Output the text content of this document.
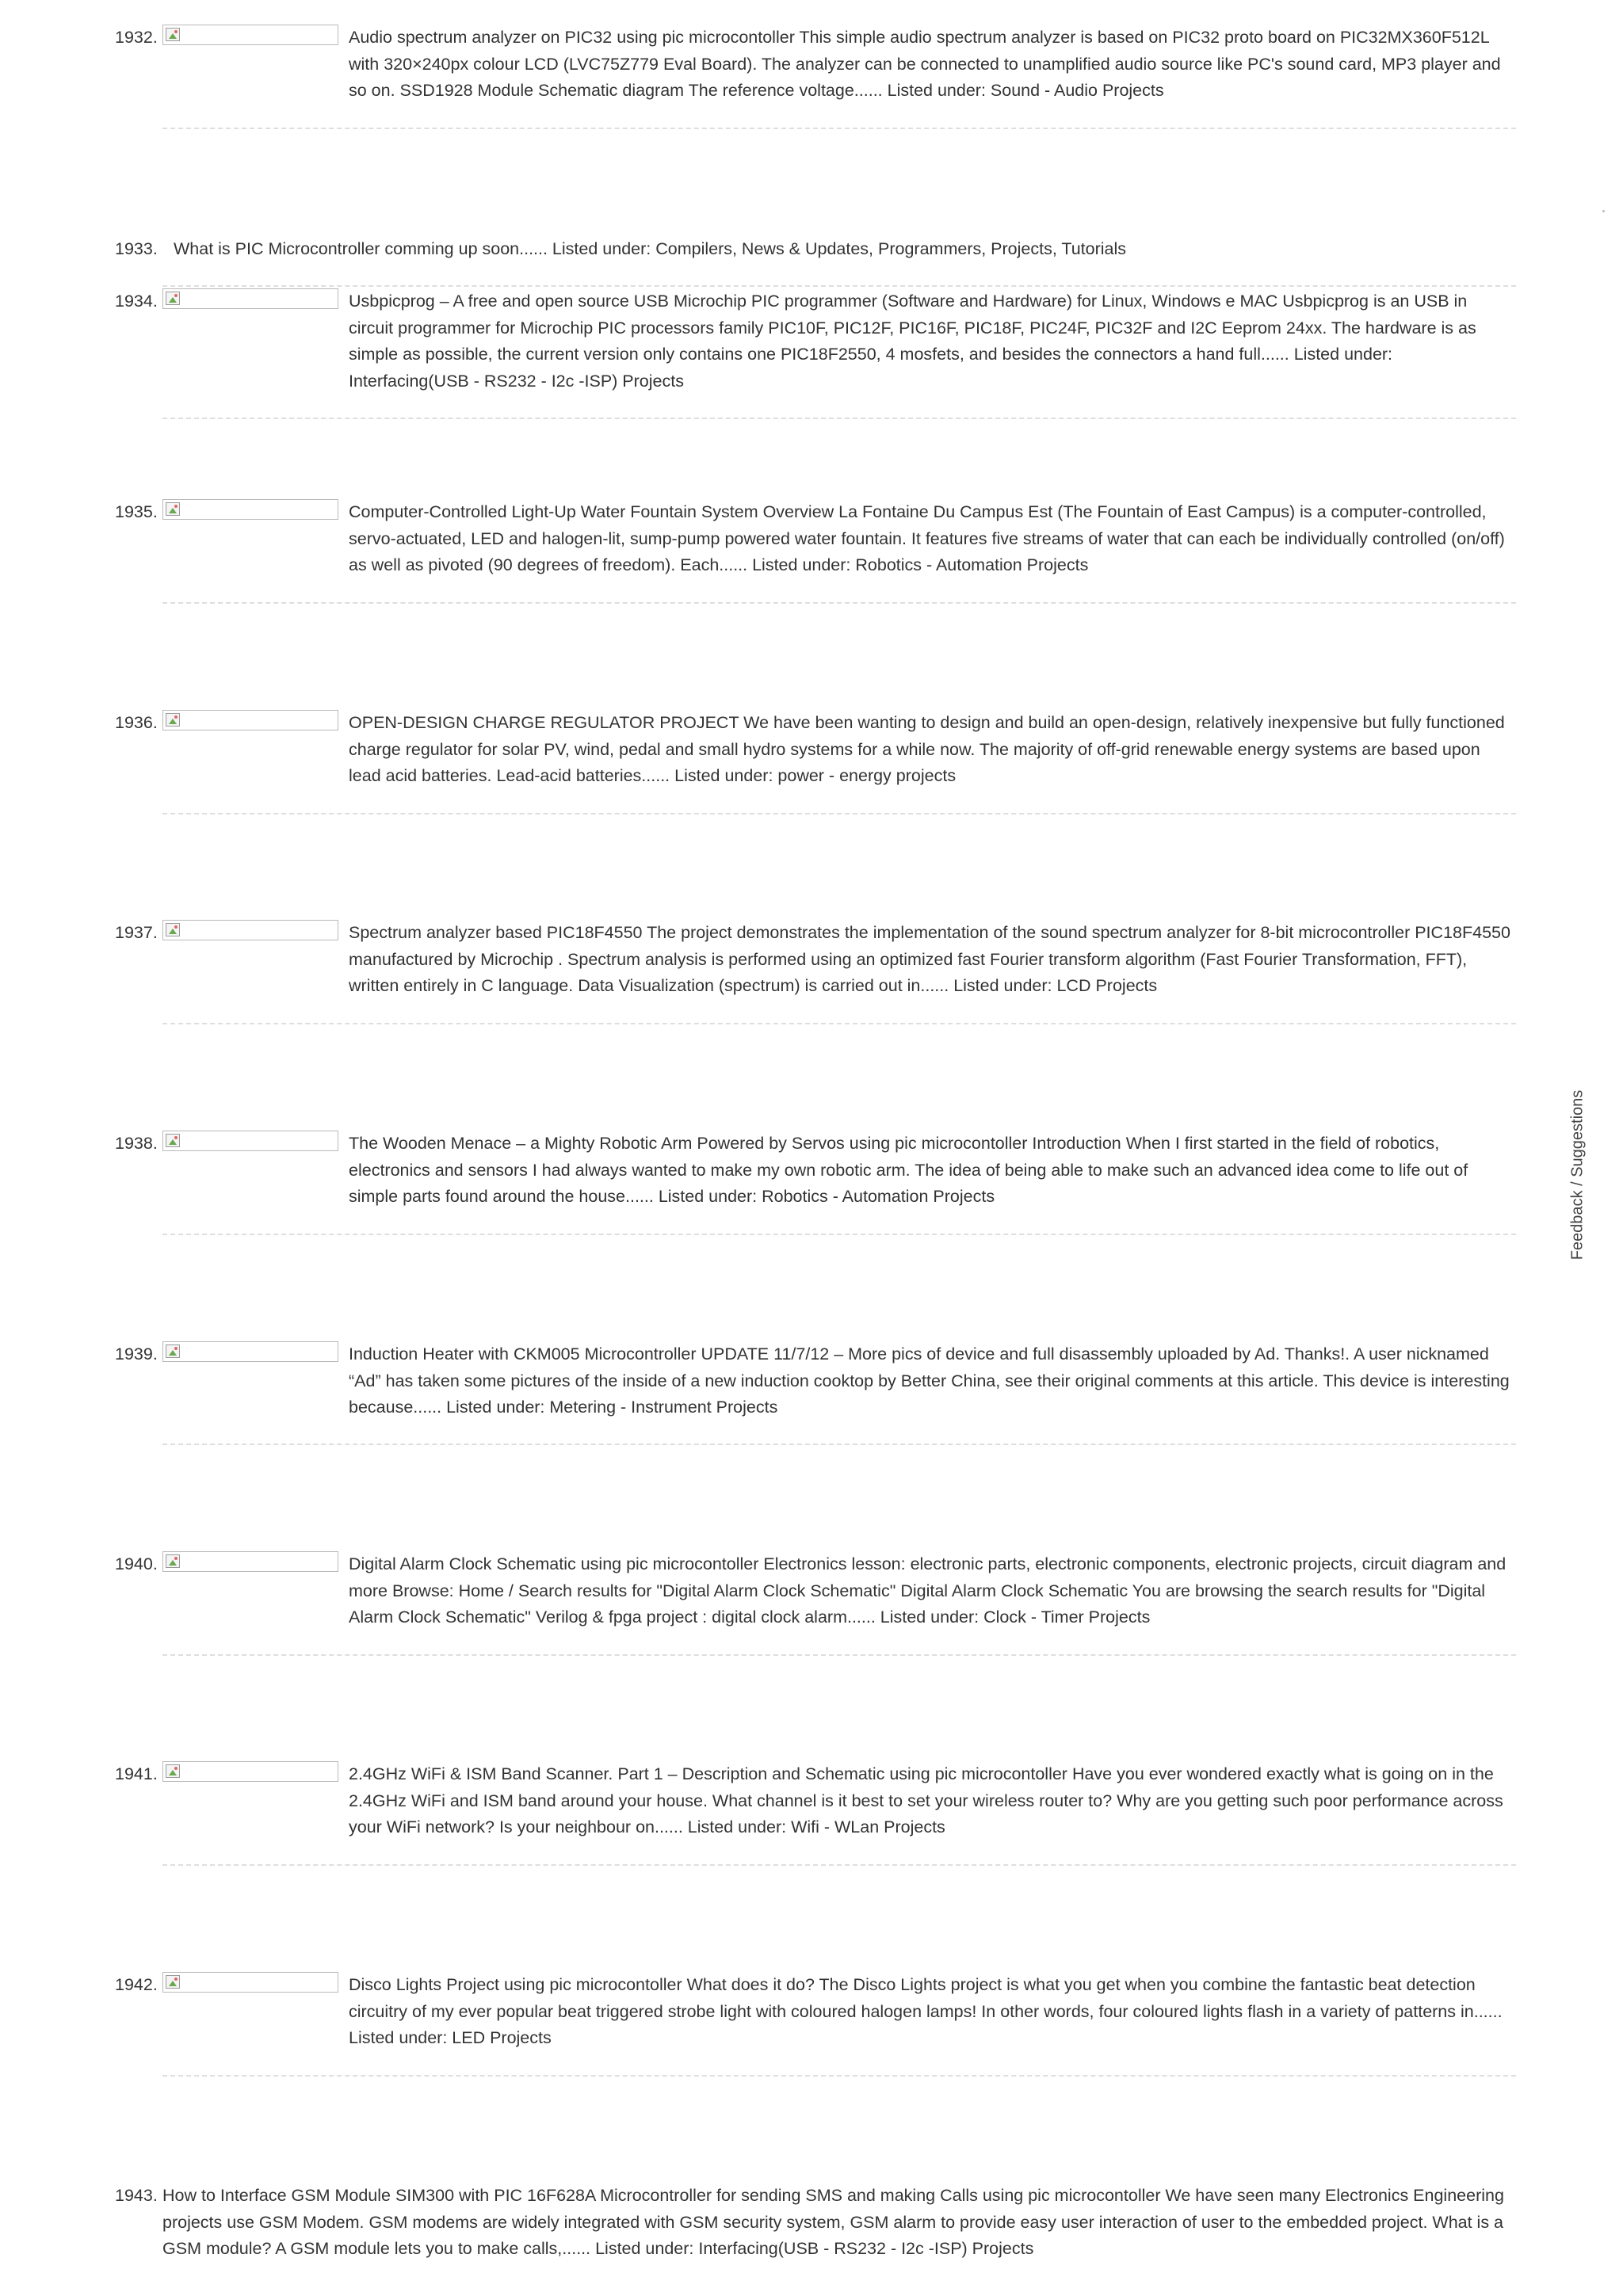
1932.	Audio spectrum analyzer on PIC32 using pic microcontoller This simple audio spectrum analyzer is based on PIC32 proto board on PIC32MX360F512L with 320×240px colour LCD (LVC75Z779 Eval Board). The analyzer can be connected to unamplified audio source like PC's sound card, MP3 player and so on. SSD1928 Module Schematic diagram The reference voltage...... Listed under: Sound - Audio Projects
1933. What is PIC Microcontroller comming up soon...... Listed under: Compilers, News & Updates, Programmers, Projects, Tutorials
1934.	Usbpicprog – A free and open source USB Microchip PIC programmer (Software and Hardware) for Linux, Windows e MAC Usbpicprog is an USB in circuit programmer for Microchip PIC processors family PIC10F, PIC12F, PIC16F, PIC18F, PIC24F, PIC32F and I2C Eeprom 24xx. The hardware is as simple as possible, the current version only contains one PIC18F2550, 4 mosfets, and besides the connectors a hand full...... Listed under: Interfacing(USB - RS232 - I2c -ISP) Projects
1935.	Computer-Controlled Light-Up Water Fountain System Overview La Fontaine Du Campus Est (The Fountain of East Campus) is a computer-controlled, servo-actuated, LED and halogen-lit, sump-pump powered water fountain. It features five streams of water that can each be individually controlled (on/off) as well as pivoted (90 degrees of freedom). Each...... Listed under: Robotics - Automation Projects
1936.	OPEN-DESIGN CHARGE REGULATOR PROJECT We have been wanting to design and build an open-design, relatively inexpensive but fully functioned charge regulator for solar PV, wind, pedal and small hydro systems for a while now. The majority of off-grid renewable energy systems are based upon lead acid batteries. Lead-acid batteries...... Listed under: power - energy projects
1937.	Spectrum analyzer based PIC18F4550 The project demonstrates the implementation of the sound spectrum analyzer for 8-bit microcontroller PIC18F4550 manufactured by Microchip . Spectrum analysis is performed using an optimized fast Fourier transform algorithm (Fast Fourier Transformation, FFT), written entirely in C language. Data Visualization (spectrum) is carried out in...... Listed under: LCD Projects
1938.	The Wooden Menace – a Mighty Robotic Arm Powered by Servos using pic microcontoller Introduction When I first started in the field of robotics, electronics and sensors I had always wanted to make my own robotic arm. The idea of being able to make such an advanced idea come to life out of simple parts found around the house...... Listed under: Robotics - Automation Projects
1939.	Induction Heater with CKM005 Microcontroller UPDATE 11/7/12 – More pics of device and full disassembly uploaded by Ad. Thanks!. A user nicknamed “Ad” has taken some pictures of the inside of a new induction cooktop by Better China, see their original comments at this article. This device is interesting because...... Listed under: Metering - Instrument Projects
1940.	Digital Alarm Clock Schematic using pic microcontoller Electronics lesson: electronic parts, electronic components, electronic projects, circuit diagram and more Browse: Home / Search results for "Digital Alarm Clock Schematic" Digital Alarm Clock Schematic You are browsing the search results for "Digital Alarm Clock Schematic" Verilog & fpga project : digital clock alarm...... Listed under: Clock - Timer Projects
1941.	2.4GHz WiFi & ISM Band Scanner. Part 1 – Description and Schematic using pic microcontoller Have you ever wondered exactly what is going on in the 2.4GHz WiFi and ISM band around your house. What channel is it best to set your wireless router to? Why are you getting such poor performance across your WiFi network? Is your neighbour on...... Listed under: Wifi - WLan Projects
1942.	Disco Lights Project using pic microcontoller What does it do? The Disco Lights project is what you get when you combine the fantastic beat detection circuitry of my ever popular beat triggered strobe light with coloured halogen lamps! In other words, four coloured lights flash in a variety of patterns in...... Listed under: LED Projects
1943. How to Interface GSM Module SIM300 with PIC 16F628A Microcontroller for sending SMS and making Calls using pic microcontoller We have seen many Electronics Engineering projects use GSM Modem. GSM modems are widely integrated with GSM security system, GSM alarm to provide easy user interaction of user to the embedded project. What is a GSM module? A GSM module lets you to make calls,...... Listed under: Interfacing(USB - RS232 - I2c -ISP) Projects
Feedback / Suggestions
